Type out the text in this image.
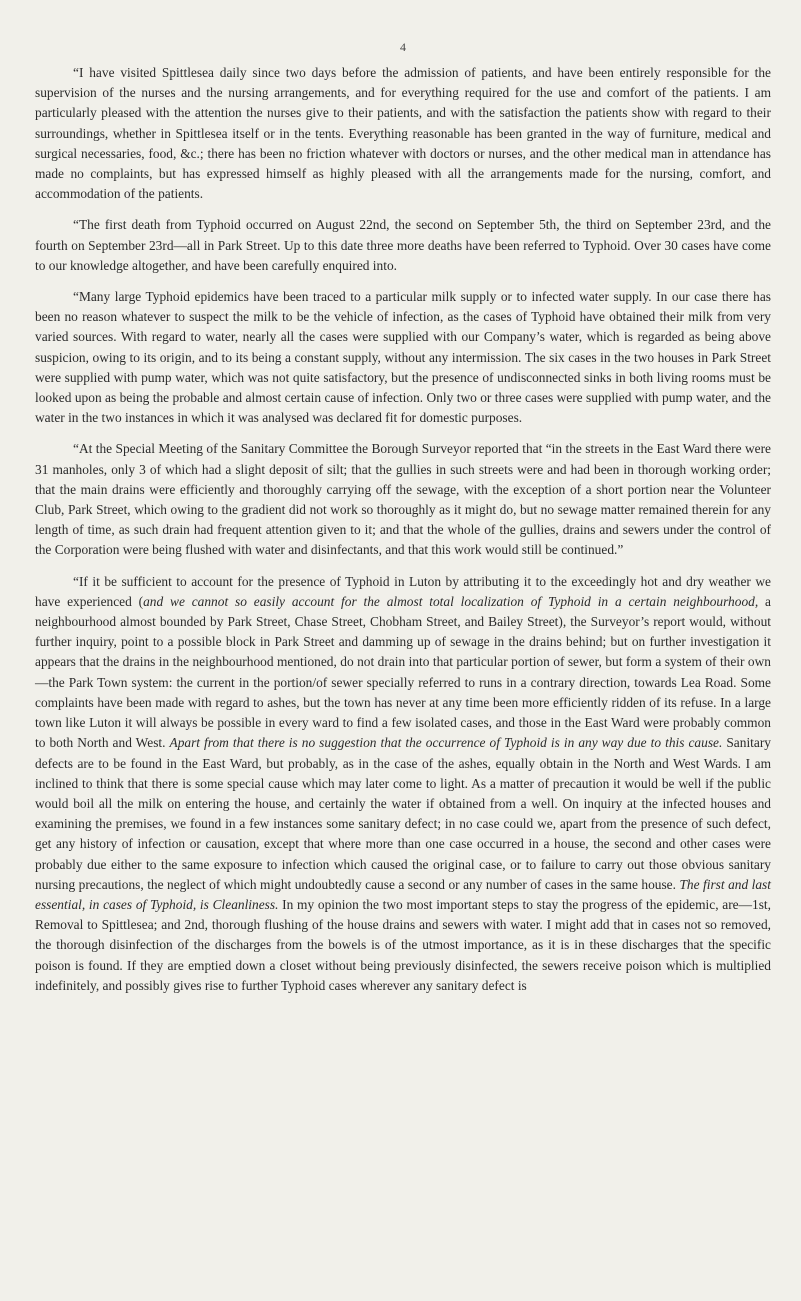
4

“I have visited Spittlesea daily since two days before the admission of patients, and have been entirely responsible for the supervision of the nurses and the nursing arrangements, and for everything required for the use and comfort of the patients. I am particularly pleased with the attention the nurses give to their patients, and with the satisfaction the patients show with regard to their surroundings, whether in Spittlesea itself or in the tents. Everything reasonable has been granted in the way of furniture, medical and surgical necessaries, food, &c.; there has been no friction whatever with doctors or nurses, and the other medical man in attendance has made no complaints, but has expressed himself as highly pleased with all the arrangements made for the nursing, comfort, and accommodation of the patients.

“The first death from Typhoid occurred on August 22nd, the second on September 5th, the third on September 23rd, and the fourth on September 23rd—all in Park Street. Up to this date three more deaths have been referred to Typhoid. Over 30 cases have come to our knowledge altogether, and have been carefully enquired into.

“Many large Typhoid epidemics have been traced to a particular milk supply or to infected water supply. In our case there has been no reason whatever to suspect the milk to be the vehicle of infection, as the cases of Typhoid have obtained their milk from very varied sources. With regard to water, nearly all the cases were supplied with our Company’s water, which is regarded as being above suspicion, owing to its origin, and to its being a constant supply, without any intermission. The six cases in the two houses in Park Street were supplied with pump water, which was not quite satisfactory, but the presence of undisconnected sinks in both living rooms must be looked upon as being the probable and almost certain cause of infection. Only two or three cases were supplied with pump water, and the water in the two instances in which it was analysed was declared fit for domestic purposes.

“At the Special Meeting of the Sanitary Committee the Borough Surveyor reported that “in the streets in the East Ward there were 31 manholes, only 3 of which had a slight deposit of silt; that the gullies in such streets were and had been in thorough working order; that the main drains were efficiently and thoroughly carrying off the sewage, with the exception of a short portion near the Volunteer Club, Park Street, which owing to the gradient did not work so thoroughly as it might do, but no sewage matter remained therein for any length of time, as such drain had frequent attention given to it; and that the whole of the gullies, drains and sewers under the control of the Corporation were being flushed with water and disinfectants, and that this work would still be continued.”

“If it be sufficient to account for the presence of Typhoid in Luton by attributing it to the exceedingly hot and dry weather we have experienced (and we cannot so easily account for the almost total localization of Typhoid in a certain neighbourhood, a neighbourhood almost bounded by Park Street, Chase Street, Chobham Street, and Bailey Street), the Surveyor’s report would, without further inquiry, point to a possible block in Park Street and damming up of sewage in the drains behind; but on further investigation it appears that the drains in the neighbourhood mentioned, do not drain into that particular portion of sewer, but form a system of their own—the Park Town system: the current in the portion/of sewer specially referred to runs in a contrary direction, towards Lea Road. Some complaints have been made with regard to ashes, but the town has never at any time been more efficiently ridden of its refuse. In a large town like Luton it will always be possible in every ward to find a few isolated cases, and those in the East Ward were probably common to both North and West. Apart from that there is no suggestion that the occurrence of Typhoid is in any way due to this cause. Sanitary defects are to be found in the East Ward, but probably, as in the case of the ashes, equally obtain in the North and West Wards. I am inclined to think that there is some special cause which may later come to light. As a matter of precaution it would be well if the public would boil all the milk on entering the house, and certainly the water if obtained from a well. On inquiry at the infected houses and examining the premises, we found in a few instances some sanitary defect; in no case could we, apart from the presence of such defect, get any history of infection or causation, except that where more than one case occurred in a house, the second and other cases were probably due either to the same exposure to infection which caused the original case, or to failure to carry out those obvious sanitary nursing precautions, the neglect of which might undoubtedly cause a second or any number of cases in the same house. The first and last essential, in cases of Typhoid, is Cleanliness. In my opinion the two most important steps to stay the progress of the epidemic, are—1st, Removal to Spittlesea; and 2nd, thorough flushing of the house drains and sewers with water. I might add that in cases not so removed, the thorough disinfection of the discharges from the bowels is of the utmost importance, as it is in these discharges that the specific poison is found. If they are emptied down a closet without being previously disinfected, the sewers receive poison which is multiplied indefinitely, and possibly gives rise to further Typhoid cases wherever any sanitary defect is
